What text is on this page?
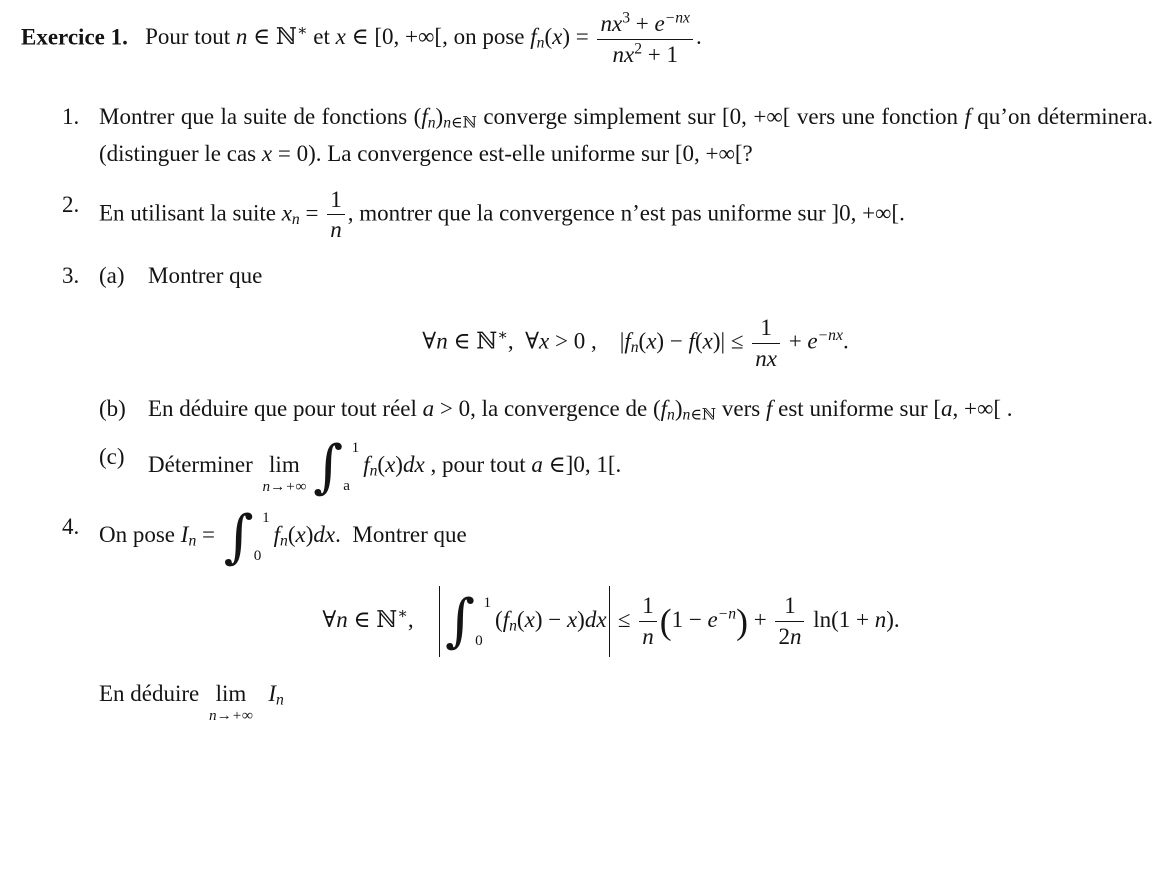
Exercice 1.  Pour tout n ∈ ℕ∗ et x ∈ [0, +∞[, on pose $f_n(x) = \frac{nx^3 + e^{-nx}}{nx^2 + 1}$ .

1. Montrer que la suite de fonctions $(f_n)_{n\in ℕ}$ converge simplement sur [0, +∞[ vers une fonction f qu’on déterminera. (distinguer le cas x = 0). La convergence est-elle uniforme sur [0, +∞[?

2. En utilisant la suite $x_n = \frac{1}{n}$ , montrer que la convergence n’est pas uniforme sur ]0, +∞[.

3. (a) Montrer que

∀n ∈ ℕ∗, ∀x > 0 ,  $|f_n(x) - f(x)| \le \frac{1}{nx} + e^{-nx}$.
(b) En déduire que pour tout réel a > 0, la convergence de $(f_n)_{n\in ℕ}$ vers f est uniforme sur [a, +∞[ .

(c) Déterminer lim
n→+∞ ∫ 1
a
$f_n(x)dx$ , pour tout a ∈]0, 1[.

4. On pose $I_n$ = ∫ 1
0
$f_n(x)dx$. Montrer que

∀n ∈ ℕ∗,   ∫ 1
0
$(f_n(x) - x)dx \le \frac{1}{n} (1 - e^{-n}) + \frac{1}{2n} \ln(1 + n)$.

En déduire lim
n→+∞
 $I_n$
